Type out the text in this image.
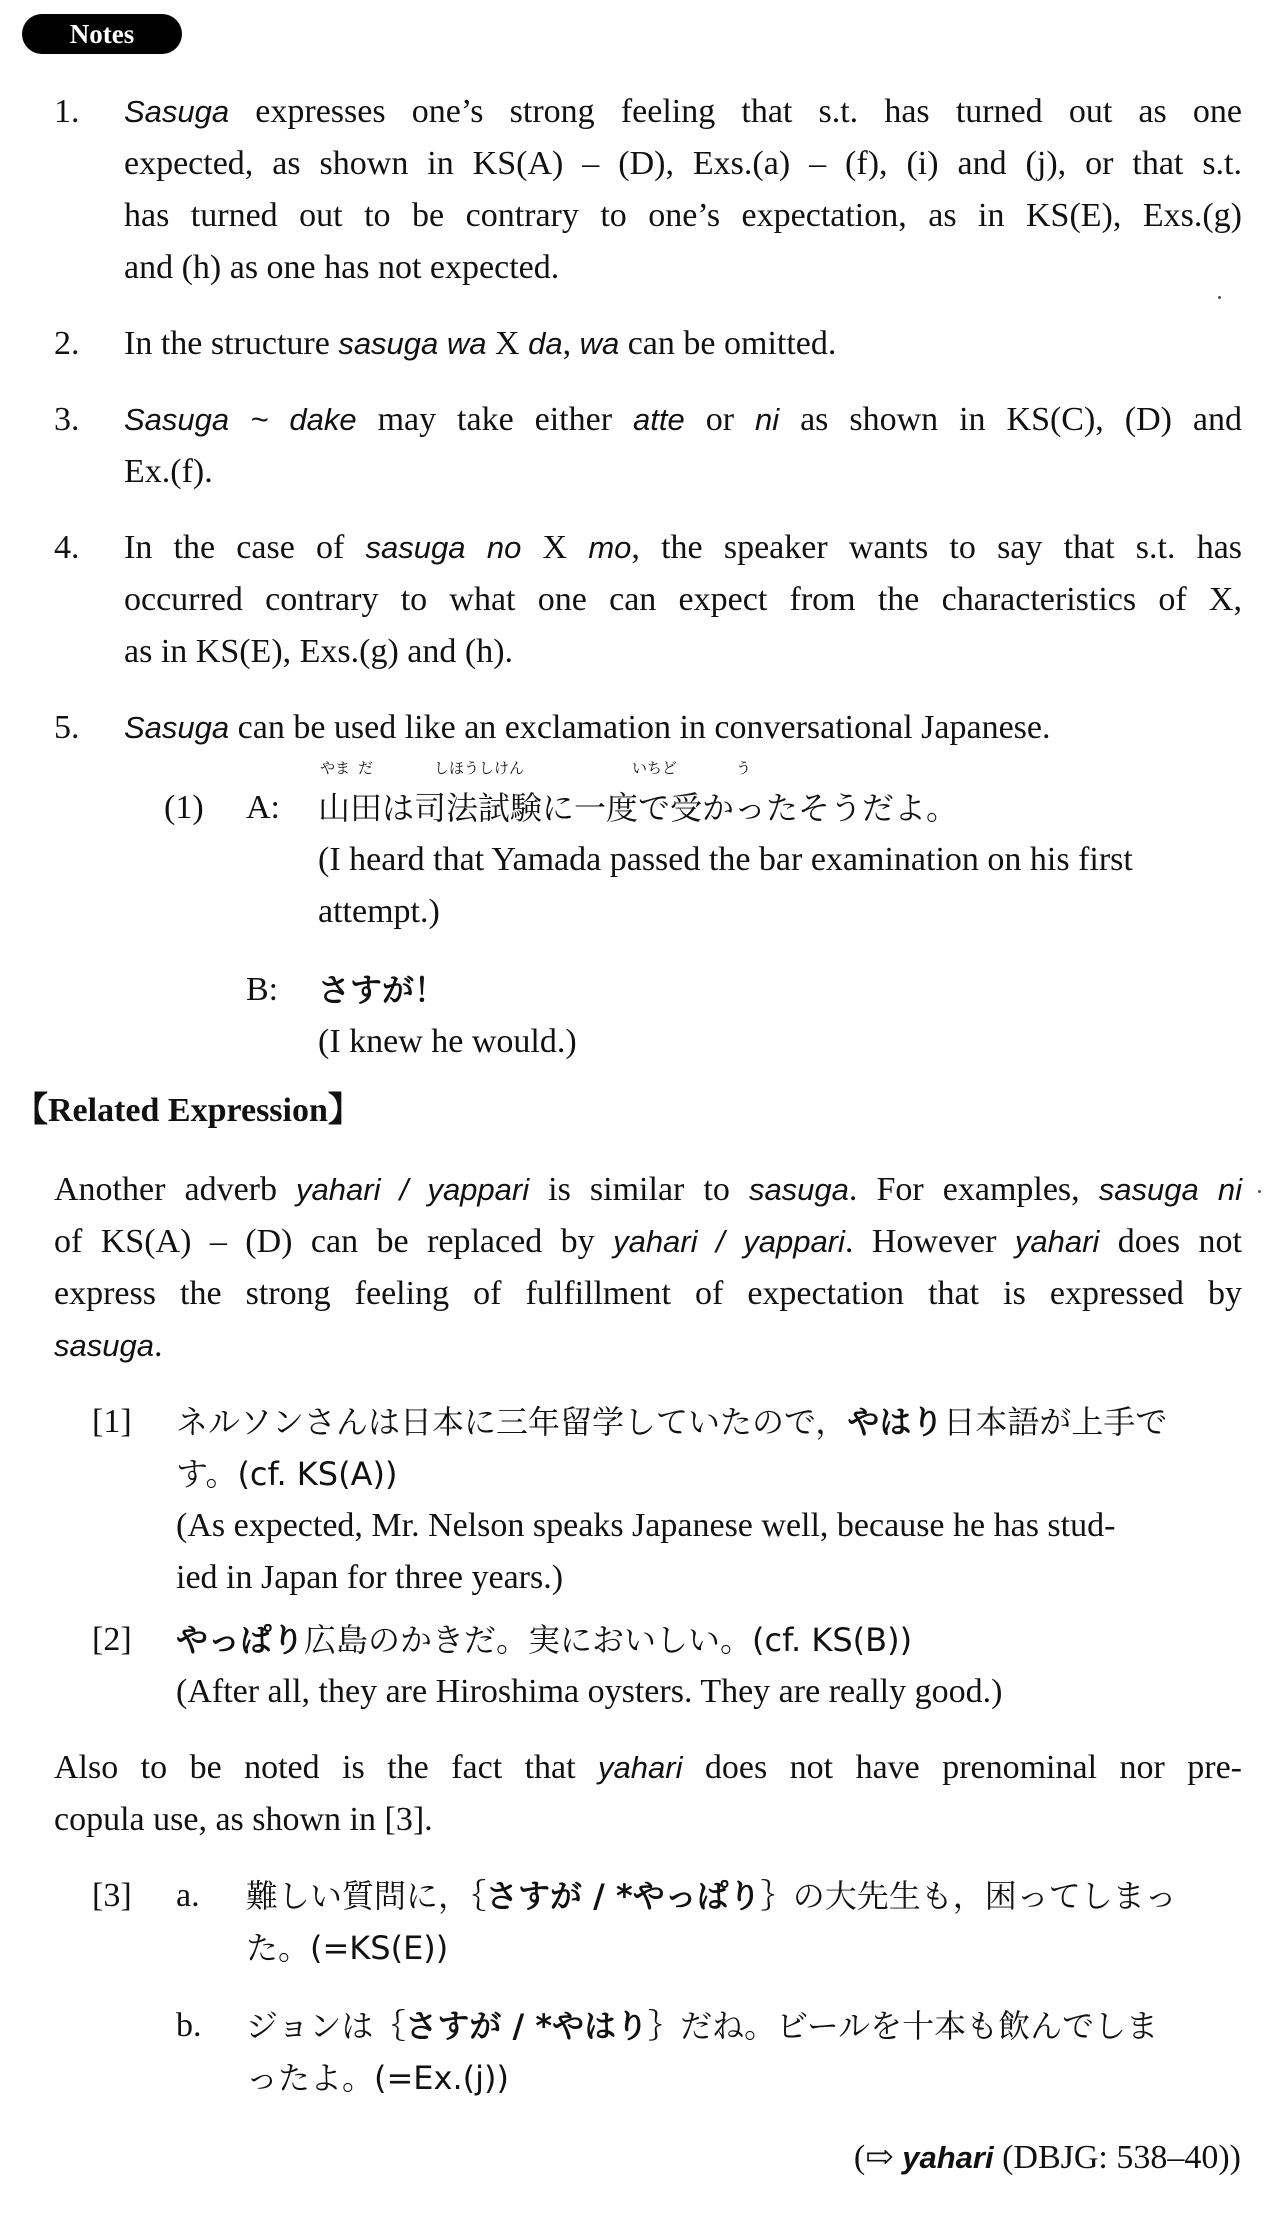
Notes
1. Sasuga expresses one’s strong feeling that s.t. has turned out as one
expected, as shown in KS(A) – (D), Exs.(a) – (f), (i) and (j), or that s.t.
has turned out to be contrary to one’s expectation, as in KS(E), Exs.(g)
and (h) as one has not expected.
2. In the structure sasuga wa X da, wa can be omitted.
3. Sasuga ~ dake may take either atte or ni as shown in KS(C), (D) and
Ex.(f).
4. In the case of sasuga no X mo, the speaker wants to say that s.t. has
occurred contrary to what one can expect from the characteristics of X,
as in KS(E), Exs.(g) and (h).
5. Sasuga can be used like an exclamation in conversational Japanese.
(1) A:
やま だ	しほうしけん	いちど	う
山田は司法試験に一度で受かったそうだよ。
(I heard that Yamada passed the bar examination on his first
attempt.)
B: さすが！
(I knew he would.)
【Related Expression】
Another adverb yahari / yappari is similar to sasuga. For examples, sasuga ni
of KS(A) – (D) can be replaced by yahari / yappari. However yahari does not
express the strong feeling of fulfillment of expectation that is expressed by
sasuga.
[1] ネルソンさんは日本に三年留学していたので，やはり日本語が上手で
す。(cf. KS(A))
(As expected, Mr. Nelson speaks Japanese well, because he has stud-
ied in Japan for three years.)
[2] やっぱり広島のかきだ。実においしい。(cf. KS(B))
(After all, they are Hiroshima oysters. They are really good.)
Also to be noted is the fact that yahari does not have prenominal nor pre-
copula use, as shown in [3].
[3] a. 難しい質問に，｛さすが / *やっぱり｝の大先生も，困ってしまっ
た。(=KS(E))
b. ジョンは｛さすが / *やはり｝だね。ビールを十本も飲んでしま
ったよ。(=Ex.(j))
(⇨ yahari (DBJG: 538–40))
